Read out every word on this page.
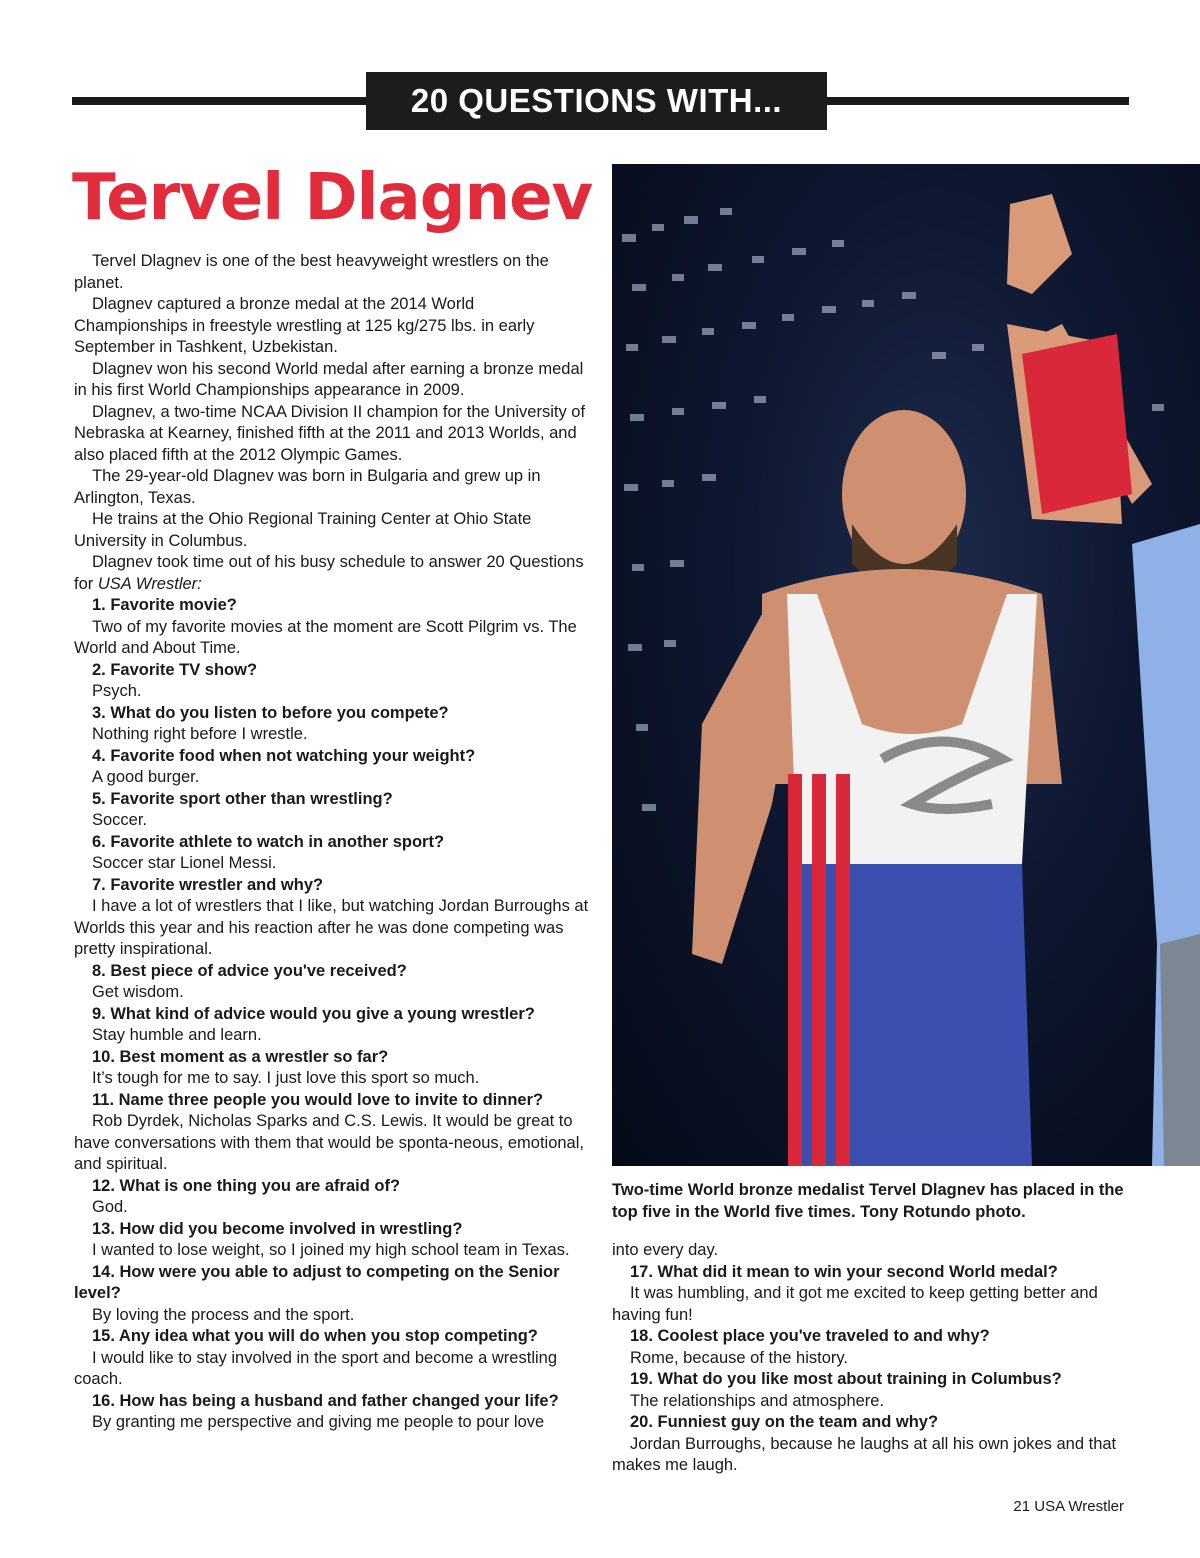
20 QUESTIONS WITH...
Tervel Dlagnev

Tervel Dlagnev is one of the best heavyweight wrestlers on the planet.

Dlagnev captured a bronze medal at the 2014 World Championships in freestyle wrestling at 125 kg/275 lbs. in early September in Tashkent, Uzbekistan.

Dlagnev won his second World medal after earning a bronze medal in his first World Championships appearance in 2009.

Dlagnev, a two-time NCAA Division II champion for the University of Nebraska at Kearney, finished fifth at the 2011 and 2013 Worlds, and also placed fifth at the 2012 Olympic Games.

The 29-year-old Dlagnev was born in Bulgaria and grew up in Arlington, Texas.

He trains at the Ohio Regional Training Center at Ohio State University in Columbus.

Dlagnev took time out of his busy schedule to answer 20 Questions for USA Wrestler:

1. Favorite movie?

Two of my favorite movies at the moment are Scott Pilgrim vs. The World and About Time.

2. Favorite TV show?

Psych.

3. What do you listen to before you compete?

Nothing right before I wrestle.

4. Favorite food when not watching your weight?

A good burger.

5. Favorite sport other than wrestling?

Soccer.

6. Favorite athlete to watch in another sport?

Soccer star Lionel Messi.

7. Favorite wrestler and why?

I have a lot of wrestlers that I like, but watching Jordan Burroughs at Worlds this year and his reaction after he was done competing was pretty inspirational.

8. Best piece of advice you've received?

Get wisdom.

9. What kind of advice would you give a young wrestler?

Stay humble and learn.

10. Best moment as a wrestler so far?

It’s tough for me to say. I just love this sport so much.

11. Name three people you would love to invite to dinner?

Rob Dyrdek, Nicholas Sparks and C.S. Lewis. It would be great to have conversations with them that would be sponta-neous, emotional, and spiritual.

12. What is one thing you are afraid of?

God.

13. How did you become involved in wrestling?

I wanted to lose weight, so I joined my high school team in Texas.

14. How were you able to adjust to competing on the Senior level?

By loving the process and the sport.

15. Any idea what you will do when you stop competing?

I would like to stay involved in the sport and become a wrestling coach.

16. How has being a husband and father changed your life?

By granting me perspective and giving me people to pour love

Two-time World bronze medalist Tervel Dlagnev has placed in the top five in the World five times. Tony Rotundo photo.

into every day.

17. What did it mean to win your second World medal?

It was humbling, and it got me excited to keep getting better and having fun!

18. Coolest place you've traveled to and why?

Rome, because of the history.

19. What do you like most about training in Columbus?

The relationships and atmosphere.

20. Funniest guy on the team and why?

Jordan Burroughs, because he laughs at all his own jokes and that makes me laugh.

21 USA Wrestler
